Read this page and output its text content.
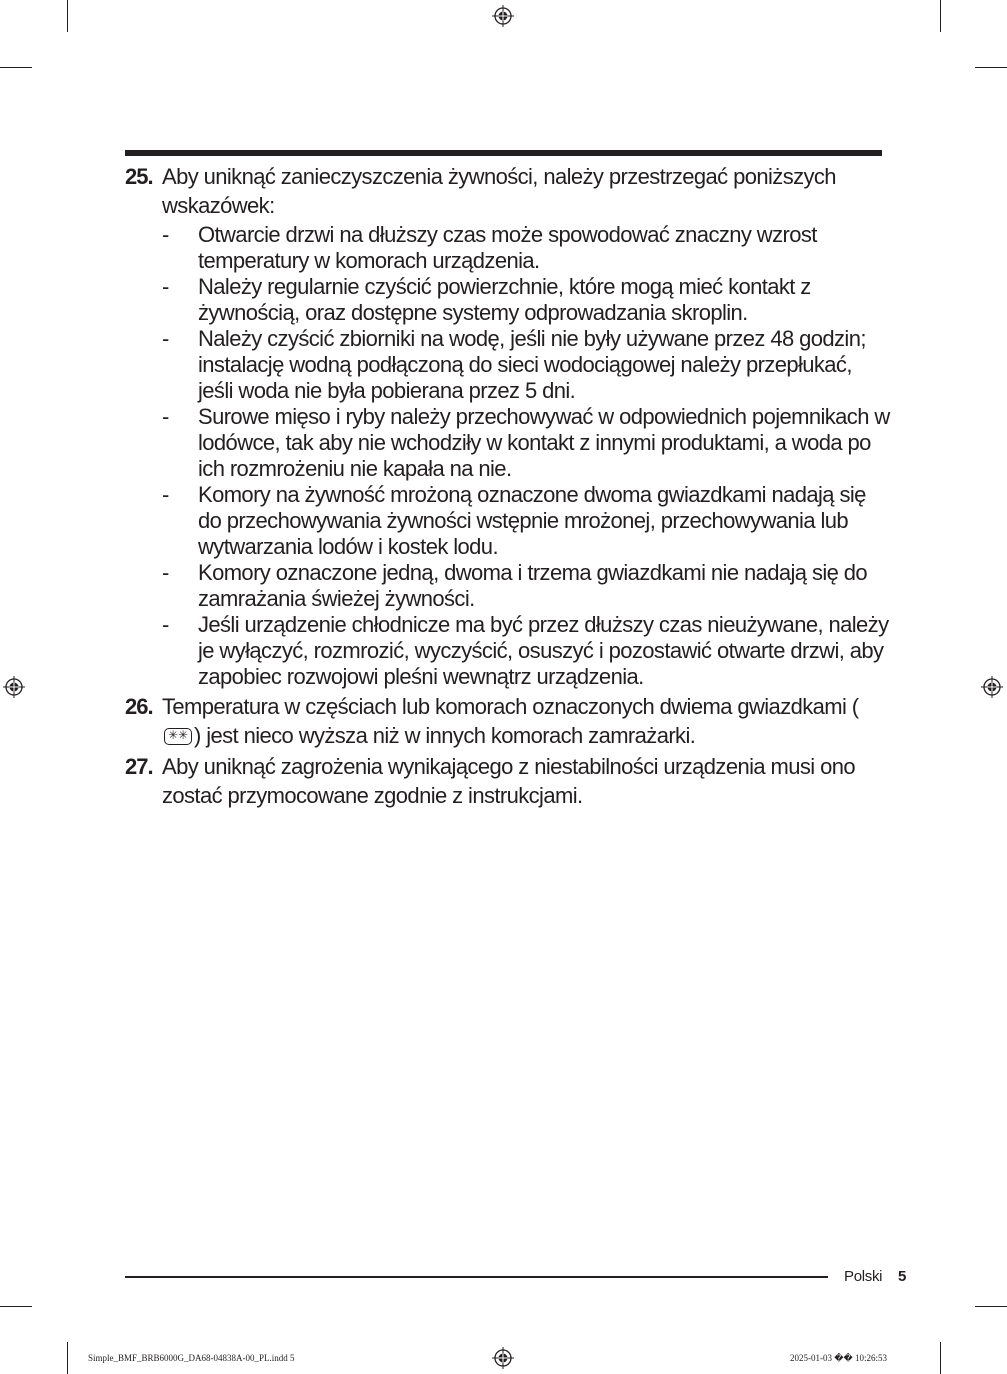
25. Aby uniknąć zanieczyszczenia żywności, należy przestrzegać poniższych wskazówek:
- Otwarcie drzwi na dłuższy czas może spowodować znaczny wzrost temperatury w komorach urządzenia.
- Należy regularnie czyścić powierzchnie, które mogą mieć kontakt z żywnością, oraz dostępne systemy odprowadzania skroplin.
- Należy czyścić zbiorniki na wodę, jeśli nie były używane przez 48 godzin; instalację wodną podłączoną do sieci wodociągowej należy przepłukać, jeśli woda nie była pobierana przez 5 dni.
- Surowe mięso i ryby należy przechowywać w odpowiednich pojemnikach w lodówce, tak aby nie wchodziły w kontakt z innymi produktami, a woda po ich rozmrożeniu nie kapała na nie.
- Komory na żywność mrożoną oznaczone dwoma gwiazdkami nadają się do przechowywania żywności wstępnie mrożonej, przechowywania lub wytwarzania lodów i kostek lodu.
- Komory oznaczone jedną, dwoma i trzema gwiazdkami nie nadają się do zamrażania świeżej żywności.
- Jeśli urządzenie chłodnicze ma być przez dłuższy czas nieużywane, należy je wyłączyć, rozmrozić, wyczyścić, osuszyć i pozostawić otwarte drzwi, aby zapobiec rozwojowi pleśni wewnątrz urządzenia.
26. Temperatura w częściach lub komorach oznaczonych dwiema gwiazdkami (
✳ ✳ ) jest nieco wyższa niż w innych komorach zamrażarki.
27. Aby uniknąć zagrożenia wynikającego z niestabilności urządzenia musi ono zostać przymocowane zgodnie z instrukcjami.
Polski 5
Simple_BMF_BRB6000G_DA68-04838A-00_PL.indd 5	2025-01-03 �� 10:26:53
